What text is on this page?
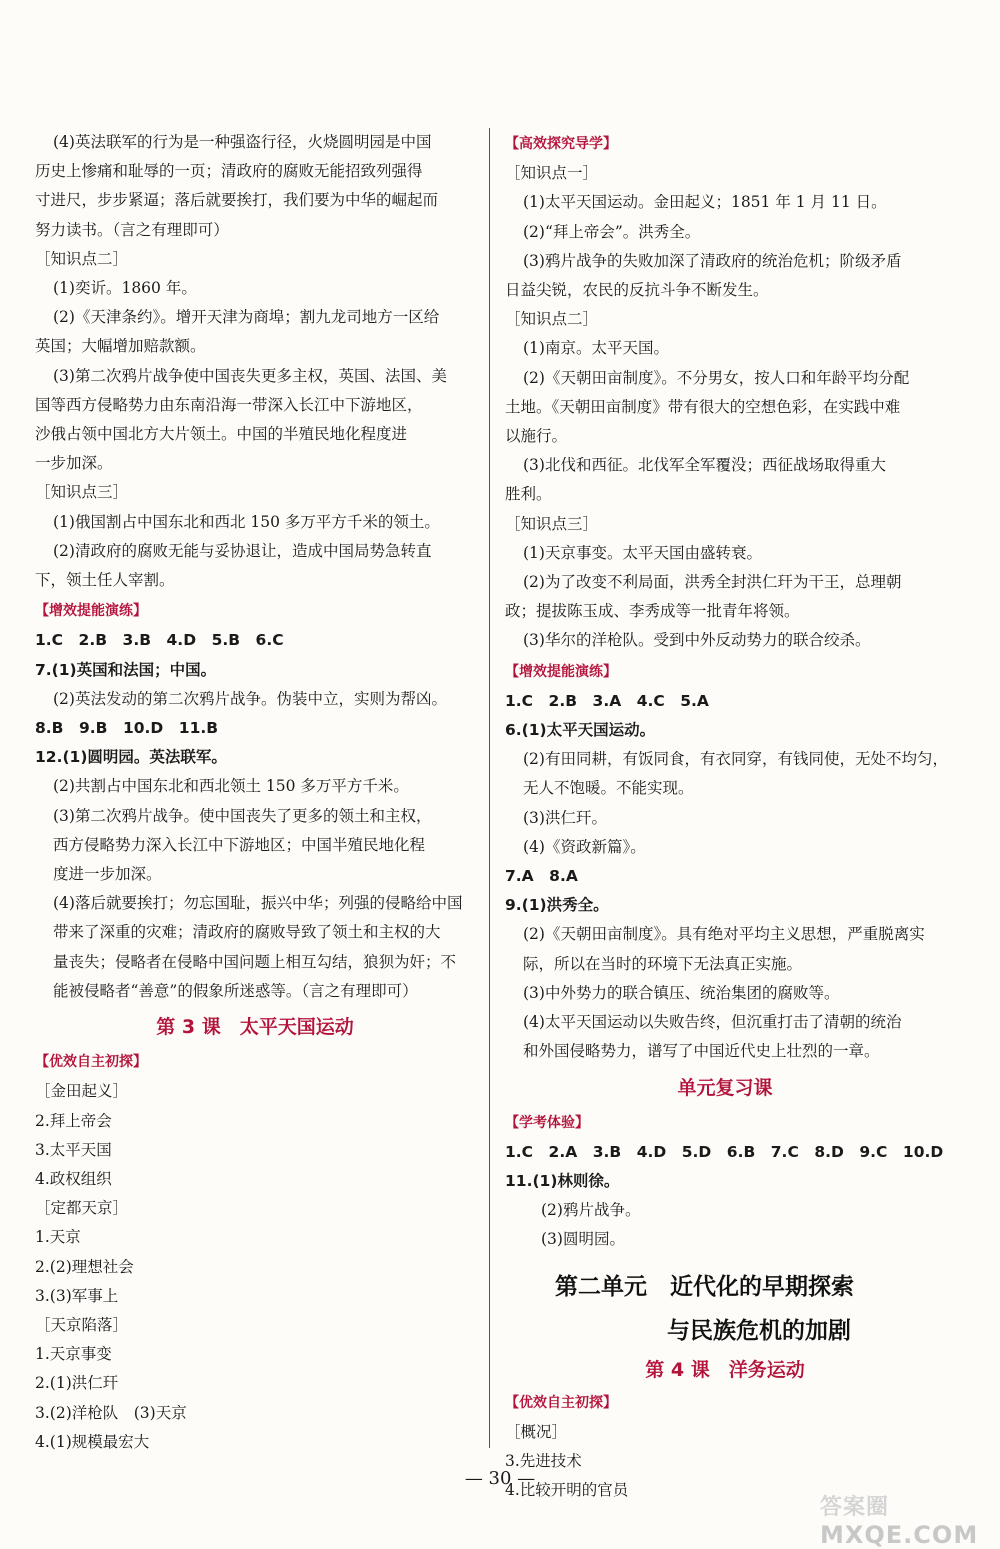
(4)英法联军的行为是一种强盗行径，火烧圆明园是中国
历史上惨痛和耻辱的一页；清政府的腐败无能招致列强得
寸进尺，步步紧逼；落后就要挨打，我们要为中华的崛起而
努力读书。（言之有理即可）
［知识点二］
(1)奕䜣。1860 年。
(2)《天津条约》。增开天津为商埠；割九龙司地方一区给
英国；大幅增加赔款额。
(3)第二次鸦片战争使中国丧失更多主权，英国、法国、美
国等西方侵略势力由东南沿海一带深入长江中下游地区，
沙俄占领中国北方大片领土。中国的半殖民地化程度进
一步加深。
［知识点三］
(1)俄国割占中国东北和西北 150 多万平方千米的领土。
(2)清政府的腐败无能与妥协退让，造成中国局势急转直
下，领土任人宰割。
【增效提能演练】
1.C　2.B　3.B　4.D　5.B　6.C
7.(1)英国和法国；中国。
(2)英法发动的第二次鸦片战争。伪装中立，实则为帮凶。
8.B　9.B　10.D　11.B
12.(1)圆明园。英法联军。
(2)共割占中国东北和西北领土 150 多万平方千米。
(3)第二次鸦片战争。使中国丧失了更多的领土和主权，
西方侵略势力深入长江中下游地区；中国半殖民地化程
度进一步加深。
(4)落后就要挨打；勿忘国耻，振兴中华；列强的侵略给中国
带来了深重的灾难；清政府的腐败导致了领土和主权的大
量丧失；侵略者在侵略中国问题上相互勾结，狼狈为奸；不
能被侵略者“善意”的假象所迷惑等。（言之有理即可）
第 3 课　太平天国运动
【优效自主初探】
［金田起义］
2.拜上帝会
3.太平天国
4.政权组织
［定都天京］
1.天京
2.(2)理想社会
3.(3)军事上
［天京陷落］
1.天京事变
2.(1)洪仁玕
3.(2)洋枪队　(3)天京
4.(1)规模最宏大
【高效探究导学】
［知识点一］
(1)太平天国运动。金田起义；1851 年 1 月 11 日。
(2)“拜上帝会”。洪秀全。
(3)鸦片战争的失败加深了清政府的统治危机；阶级矛盾
日益尖锐，农民的反抗斗争不断发生。
［知识点二］
(1)南京。太平天国。
(2)《天朝田亩制度》。不分男女，按人口和年龄平均分配
土地。《天朝田亩制度》带有很大的空想色彩，在实践中难
以施行。
(3)北伐和西征。北伐军全军覆没；西征战场取得重大
胜利。
［知识点三］
(1)天京事变。太平天国由盛转衰。
(2)为了改变不利局面，洪秀全封洪仁玕为干王，总理朝
政；提拔陈玉成、李秀成等一批青年将领。
(3)华尔的洋枪队。受到中外反动势力的联合绞杀。
【增效提能演练】
1.C　2.B　3.A　4.C　5.A
6.(1)太平天国运动。
(2)有田同耕，有饭同食，有衣同穿，有钱同使，无处不均匀，
无人不饱暖。不能实现。
(3)洪仁玕。
(4)《资政新篇》。
7.A　8.A
9.(1)洪秀全。
(2)《天朝田亩制度》。具有绝对平均主义思想，严重脱离实
际，所以在当时的环境下无法真正实施。
(3)中外势力的联合镇压、统治集团的腐败等。
(4)太平天国运动以失败告终，但沉重打击了清朝的统治
和外国侵略势力，谱写了中国近代史上壮烈的一章。
单元复习课
【学考体验】
1.C　2.A　3.B　4.D　5.D　6.B　7.C　8.D　9.C　10.D
11.(1)林则徐。
(2)鸦片战争。
(3)圆明园。
第二单元　近代化的早期探索
与民族危机的加剧
第 4 课　洋务运动
【优效自主初探】
［概况］
3.先进技术
4.比较开明的官员
— 30 —
答案圈
MXQE.COM
